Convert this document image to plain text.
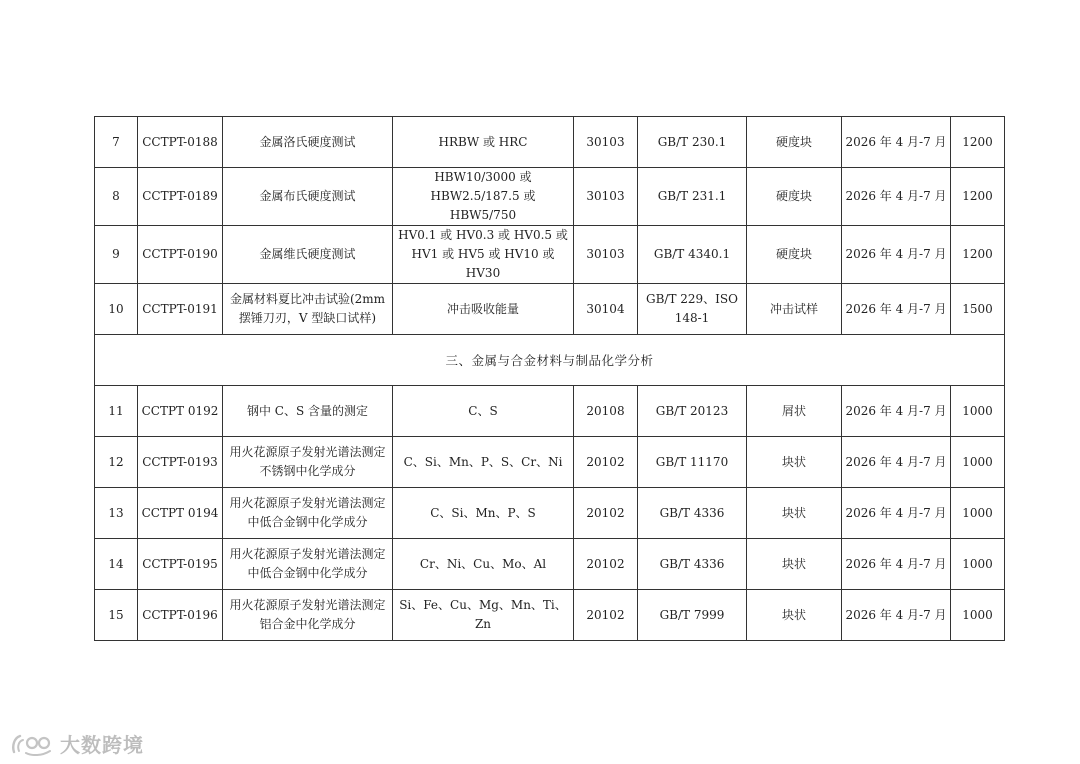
7	CCTPT-0188	金属洛氏硬度测试	HRBW 或 HRC	30103	GB/T 230.1	硬度块	2026 年 4 月-7 月	1200
8	CCTPT-0189	金属布氏硬度测试	HBW10/3000 或 HBW2.5/187.5 或 HBW5/750	30103	GB/T 231.1	硬度块	2026 年 4 月-7 月	1200
9	CCTPT-0190	金属维氏硬度测试	HV0.1 或 HV0.3 或 HV0.5 或 HV1 或 HV5 或 HV10 或 HV30	30103	GB/T 4340.1	硬度块	2026 年 4 月-7 月	1200
10	CCTPT-0191	金属材料夏比冲击试验(2mm 摆锤刀刃，V 型缺口试样)	冲击吸收能量	30104	GB/T 229、ISO 148-1	冲击试样	2026 年 4 月-7 月	1500
三、金属与合金材料与制品化学分析								
11	CCTPT 0192	钢中 C、S 含量的测定	C、S	20108	GB/T 20123	屑状	2026 年 4 月-7 月	1000
12	CCTPT-0193	用火花源原子发射光谱法测定不锈钢中化学成分	C、Si、Mn、P、S、Cr、Ni	20102	GB/T 11170	块状	2026 年 4 月-7 月	1000
13	CCTPT 0194	用火花源原子发射光谱法测定中低合金钢中化学成分	C、Si、Mn、P、S	20102	GB/T 4336	块状	2026 年 4 月-7 月	1000
14	CCTPT-0195	用火花源原子发射光谱法测定中低合金钢中化学成分	Cr、Ni、Cu、Mo、Al	20102	GB/T 4336	块状	2026 年 4 月-7 月	1000
15	CCTPT-0196	用火花源原子发射光谱法测定铝合金中化学成分	Si、Fe、Cu、Mg、Mn、Ti、Zn	20102	GB/T 7999	块状	2026 年 4 月-7 月	1000
大数跨境
